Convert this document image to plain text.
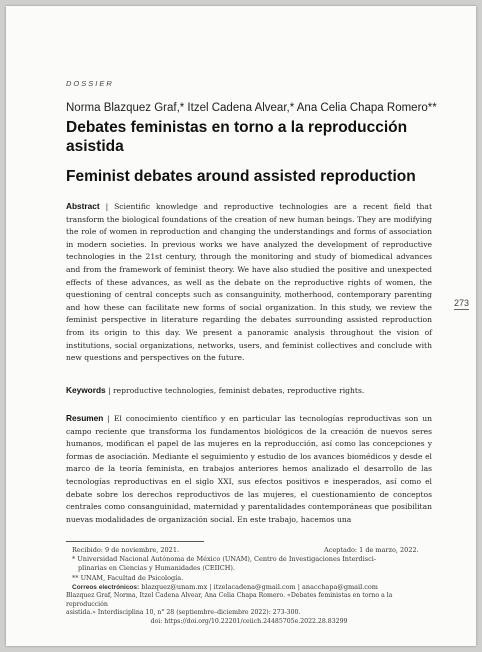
DOSSIER
Norma Blazquez Graf,* Itzel Cadena Alvear,* Ana Celia Chapa Romero**
Debates feministas en torno a la reproducción asistida
Feminist debates around assisted reproduction
273
Abstract | Scientific knowledge and reproductive technologies are a recent field that transform the biological foundations of the creation of new human beings. They are modifying the role of women in reproduction and changing the understandings and forms of association in modern societies. In previous works we have analyzed the development of reproductive technologies in the 21st century, through the monitoring and study of biomedical advances and from the framework of feminist theory. We have also studied the positive and unexpected effects of these advances, as well as the debate on the reproductive rights of women, the questioning of central concepts such as consanguinity, motherhood, contemporary parenting and how these can facilitate new forms of social organization. In this study, we review the feminist perspective in literature regarding the debates surrounding assisted reproduction from its origin to this day. We present a panoramic analysis throughout the vision of institutions, social organizations, networks, users, and feminist collectives and conclude with new questions and perspectives on the future.
Keywords | reproductive technologies, feminist debates, reproductive rights.
Resumen | El conocimiento científico y en particular las tecnologías reproductivas son un campo reciente que transforma los fundamentos biológicos de la creación de nuevos seres humanos, modifican el papel de las mujeres en la reproducción, así como las concepciones y formas de asociación. Mediante el seguimiento y estudio de los avances biomédicos y desde el marco de la teoría feminista, en trabajos anteriores hemos analizado el desarrollo de las tecnologías reproductivas en el siglo XXI, sus efectos positivos e inesperados, así como el debate sobre los derechos reproductivos de las mujeres, el cuestionamiento de conceptos centrales como consanguinidad, maternidad y parentalidades contemporáneas que posibilitan nuevas modalidades de organización social. En este trabajo, hacemos una
Recibido: 9 de noviembre, 2021.	Aceptado: 1 de marzo, 2022.
* Universidad Nacional Autónoma de México (UNAM), Centro de Investigaciones Interdisci-
plinarias en Ciencias y Humanidades (CEIICH).
** UNAM, Facultad de Psicología.
Correos electrónicos: blazquez@unam.mx | itzelacadena@gmail.com | anacchapa@gmail.com
Blazquez Graf, Norma, Itzel Cadena Alvear, Ana Celia Chapa Romero. «Debates feministas en torno a la reproducción
asistida.» Interdisciplina 10, n° 28 (septiembre–diciembre 2022): 273-300.
doi: https://doi.org/10.22201/ceiich.24485705e.2022.28.83299
